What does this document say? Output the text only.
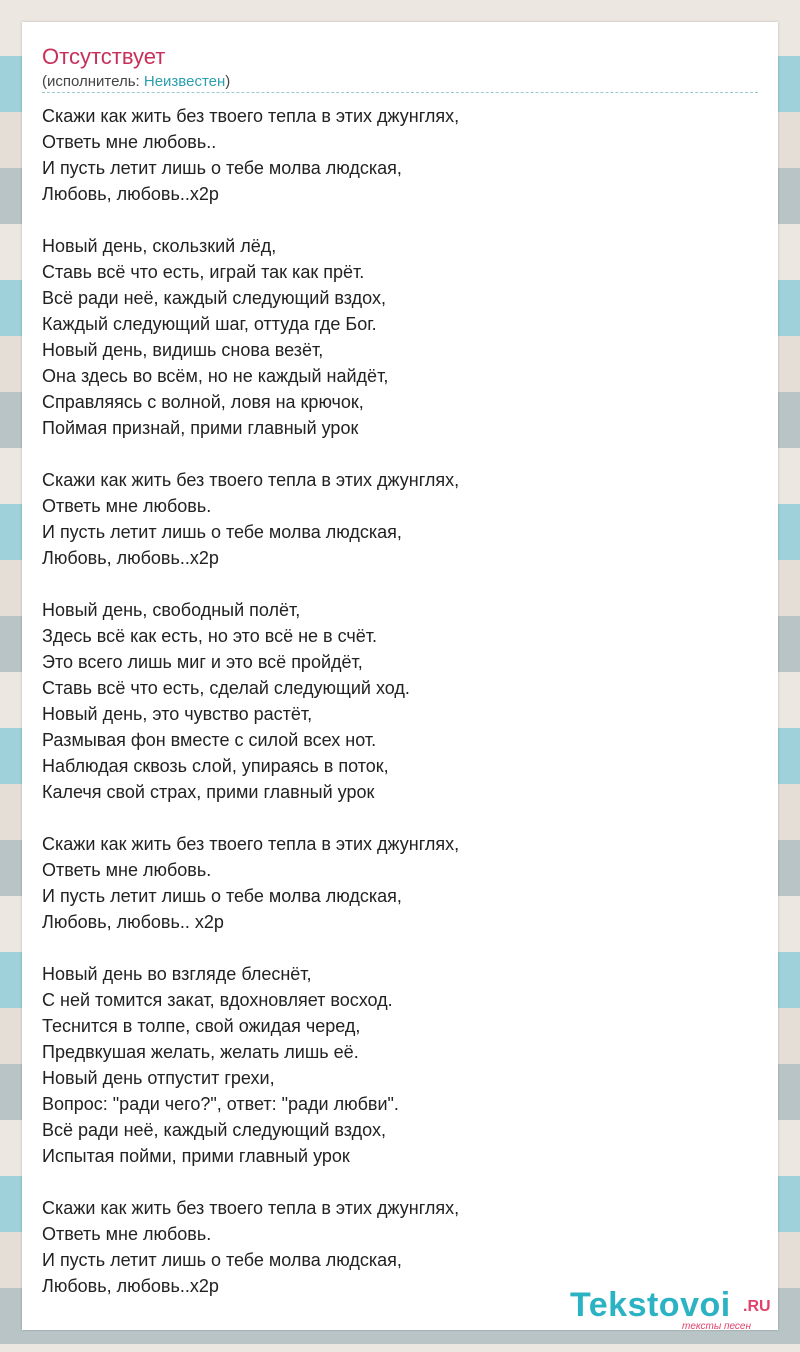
Отсутствует
(исполнитель: Неизвестен)
Скажи как жить без твоего тепла в этих джунглях,
Ответь мне любовь..
И пусть летит лишь о тебе молва людская,
Любовь, любовь..x2p
Новый день, скользкий лёд,
Ставь всё что есть, играй так как прёт.
Всё ради неё, каждый следующий вздох,
Каждый следующий шаг, оттуда где Бог.
Новый день, видишь снова везёт,
Она здесь во всём, но не каждый найдёт,
Справляясь с волной, ловя на крючок,
Поймая признай, прими главный урок
Скажи как жить без твоего тепла в этих джунглях,
Ответь мне любовь.
И пусть летит лишь о тебе молва людская,
Любовь, любовь..x2p
Новый день, свободный полёт,
Здесь всё как есть, но это всё не в счёт.
Это всего лишь миг и это всё пройдёт,
Ставь всё что есть, сделай следующий ход.
Новый день, это чувство растёт,
Размывая фон вместе с силой всех нот.
Наблюдая сквозь слой, упираясь в поток,
Калечя свой страх, прими главный урок
Скажи как жить без твоего тепла в этих джунглях,
Ответь мне любовь.
И пусть летит лишь о тебе молва людская,
Любовь, любовь.. x2p
Новый день во взгляде блеснёт,
С ней томится закат, вдохновляет восход.
Теснится в толпе, свой ожидая черед,
Предвкушая желать, желать лишь её.
Новый день отпустит грехи,
Вопрос: "ради чего?", ответ: "ради любви".
Всё ради неё, каждый следующий вздох,
Испытая пойми, прими главный урок
Скажи как жить без твоего тепла в этих джунглях,
Ответь мне любовь.
И пусть летит лишь о тебе молва людская,
Любовь, любовь..x2p	Tekstovoi .RU
тексты песен
